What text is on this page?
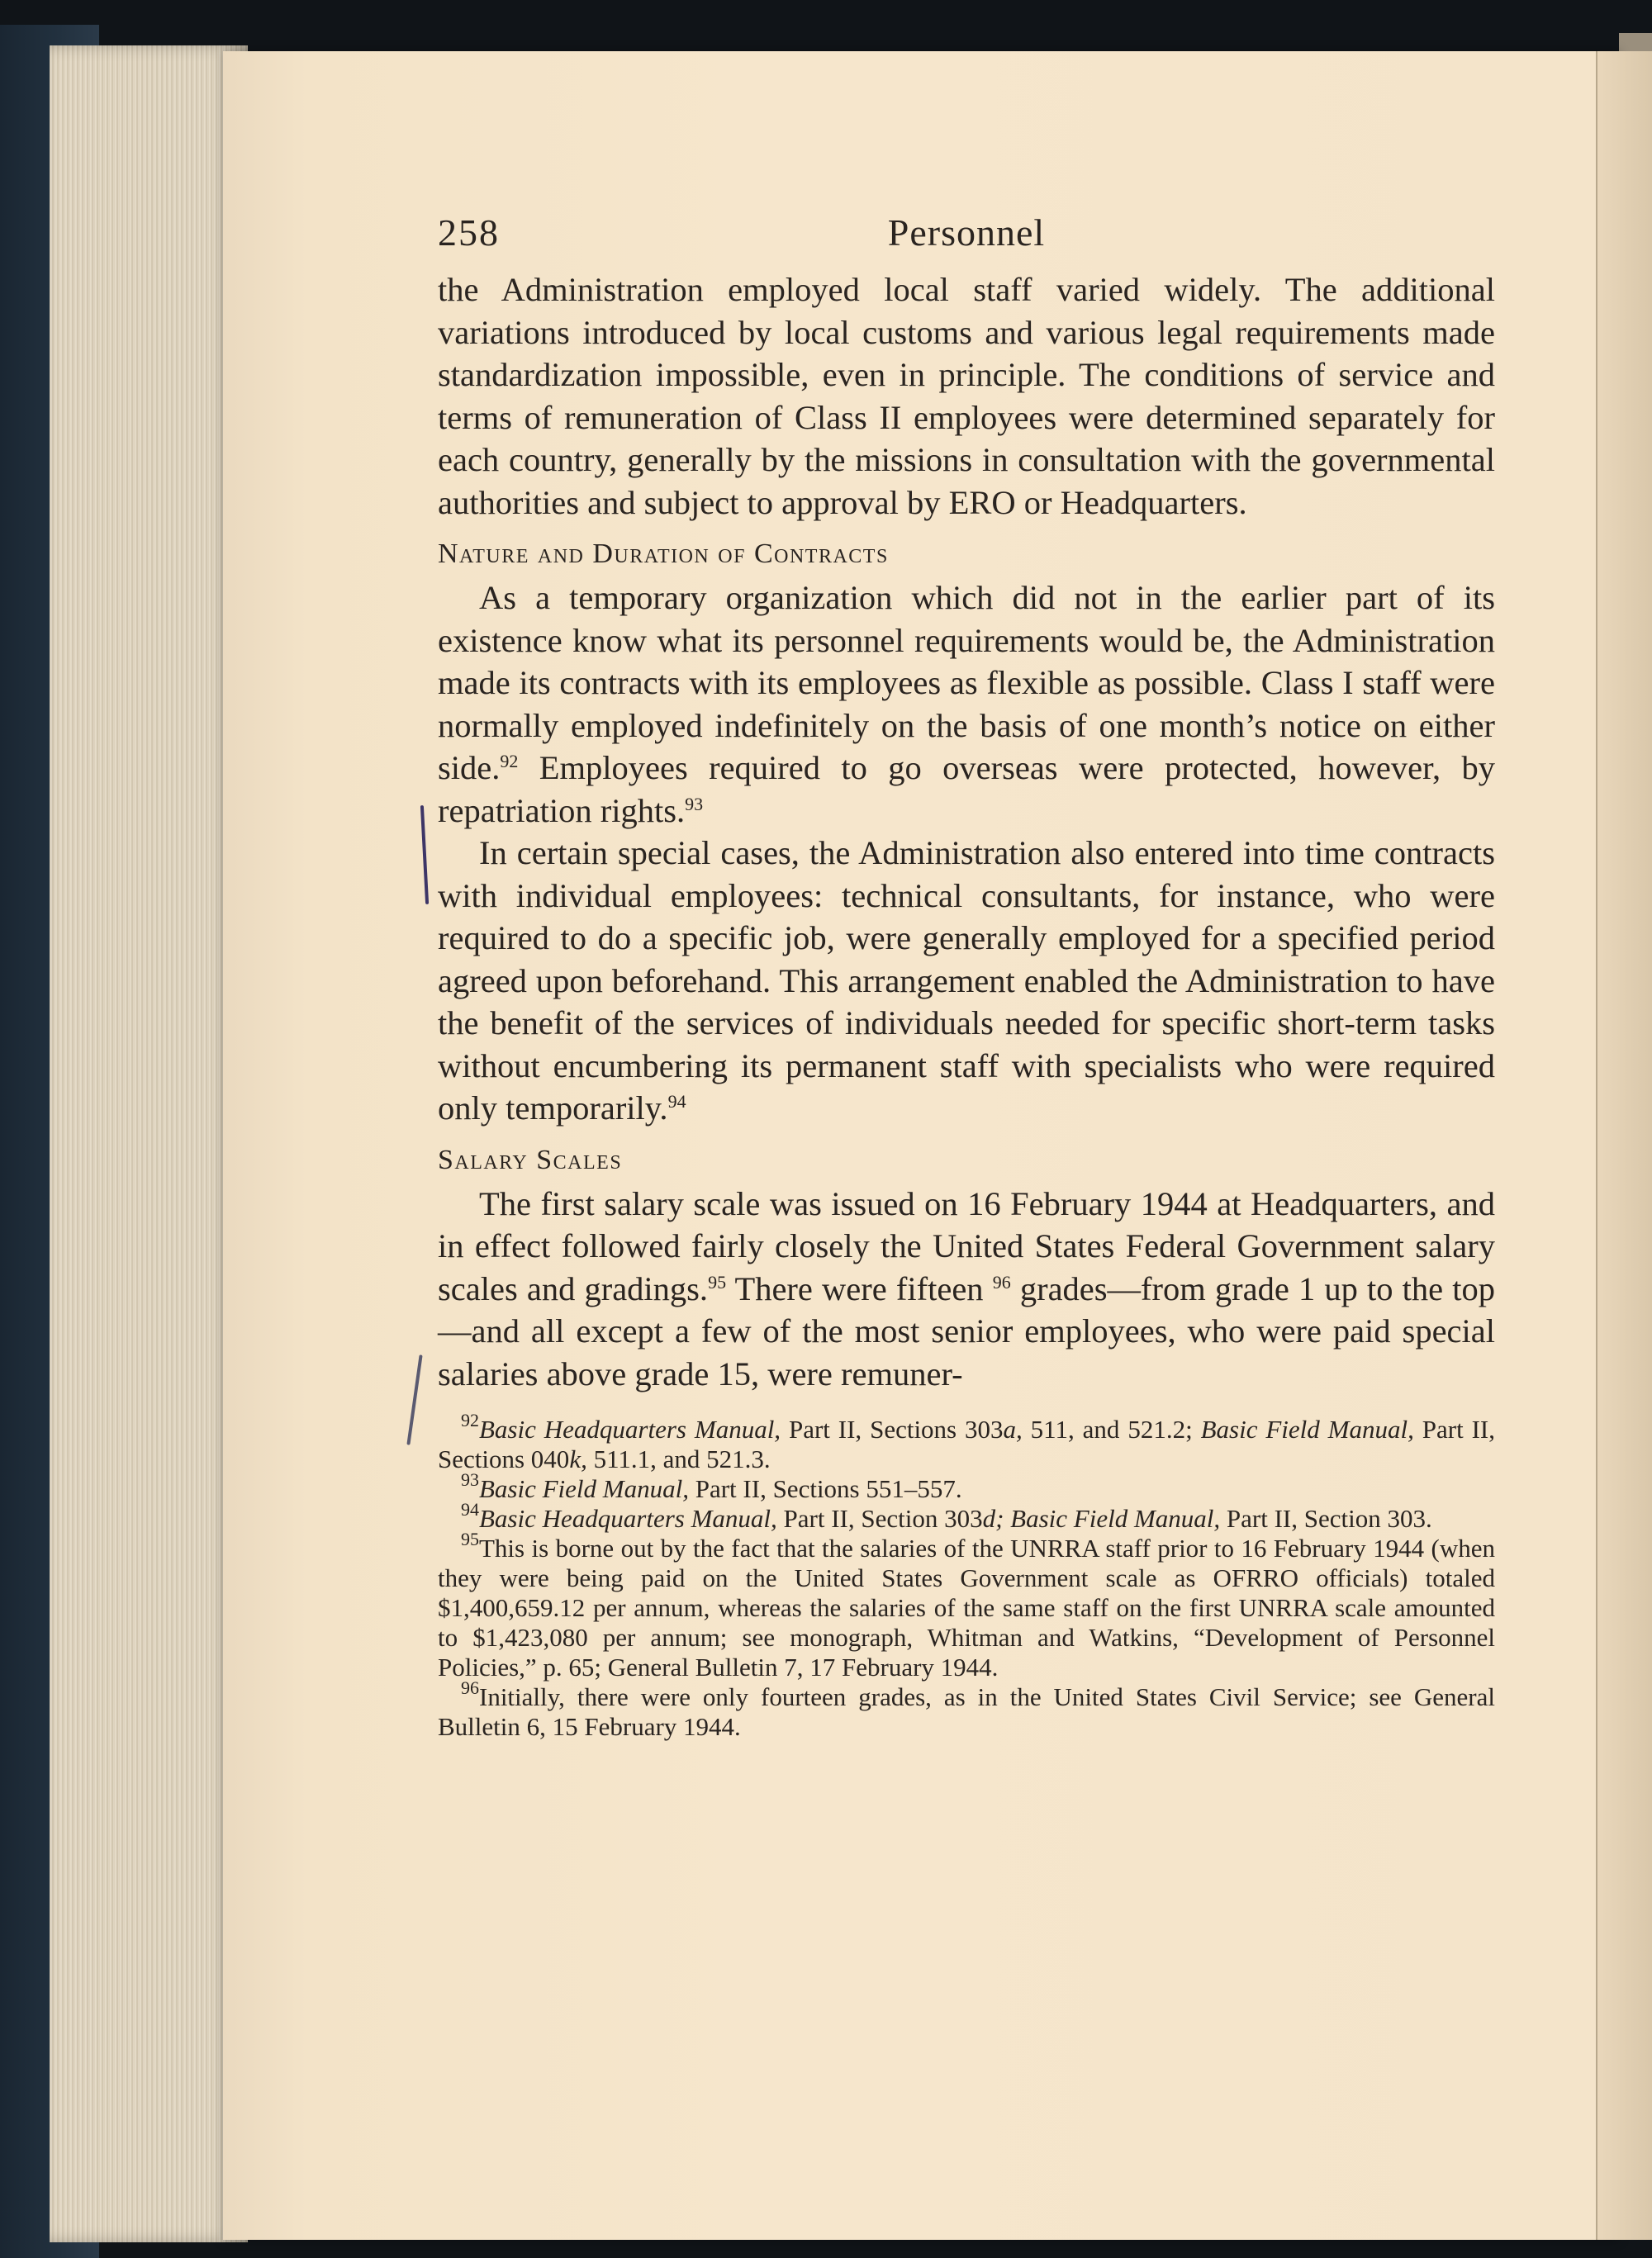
258	Personnel

the Administration employed local staff varied widely. The additional variations introduced by local customs and various legal requirements made standardization impossible, even in principle. The conditions of service and terms of remuneration of Class II employees were determined separately for each country, generally by the missions in consultation with the governmental authorities and subject to approval by ERO or Headquarters.

Nature and Duration of Contracts

As a temporary organization which did not in the earlier part of its existence know what its personnel requirements would be, the Administration made its contracts with its employees as flexible as possible. Class I staff were normally employed indefinitely on the basis of one month’s notice on either side.$^{92}$ Employees required to go overseas were protected, however, by repatriation rights.$^{93}$

In certain special cases, the Administration also entered into time contracts with individual employees: technical consultants, for instance, who were required to do a specific job, were generally employed for a specified period agreed upon beforehand. This arrangement enabled the Administration to have the benefit of the services of individuals needed for specific short-term tasks without encumbering its permanent staff with specialists who were required only temporarily.$^{94}$

Salary Scales

The first salary scale was issued on 16 February 1944 at Headquarters, and in effect followed fairly closely the United States Federal Government salary scales and gradings.$^{95}$ There were fifteen $^{96}$ grades—from grade 1 up to the top—and all except a few of the most senior employees, who were paid special salaries above grade 15, were remuner-

$^{92}$Basic Headquarters Manual, Part II, Sections 303a, 511, and 521.2; Basic Field Manual, Part II, Sections 040k, 511.1, and 521.3.

$^{93}$Basic Field Manual, Part II, Sections 551–557.

$^{94}$Basic Headquarters Manual, Part II, Section 303d; Basic Field Manual, Part II, Section 303.

$^{95}$This is borne out by the fact that the salaries of the UNRRA staff prior to 16 February 1944 (when they were being paid on the United States Government scale as OFRRO officials) totaled $1,400,659.12 per annum, whereas the salaries of the same staff on the first UNRRA scale amounted to $1,423,080 per annum; see monograph, Whitman and Watkins, “Development of Personnel Policies,” p. 65; General Bulletin 7, 17 February 1944.

$^{96}$Initially, there were only fourteen grades, as in the United States Civil Service; see General Bulletin 6, 15 February 1944.
